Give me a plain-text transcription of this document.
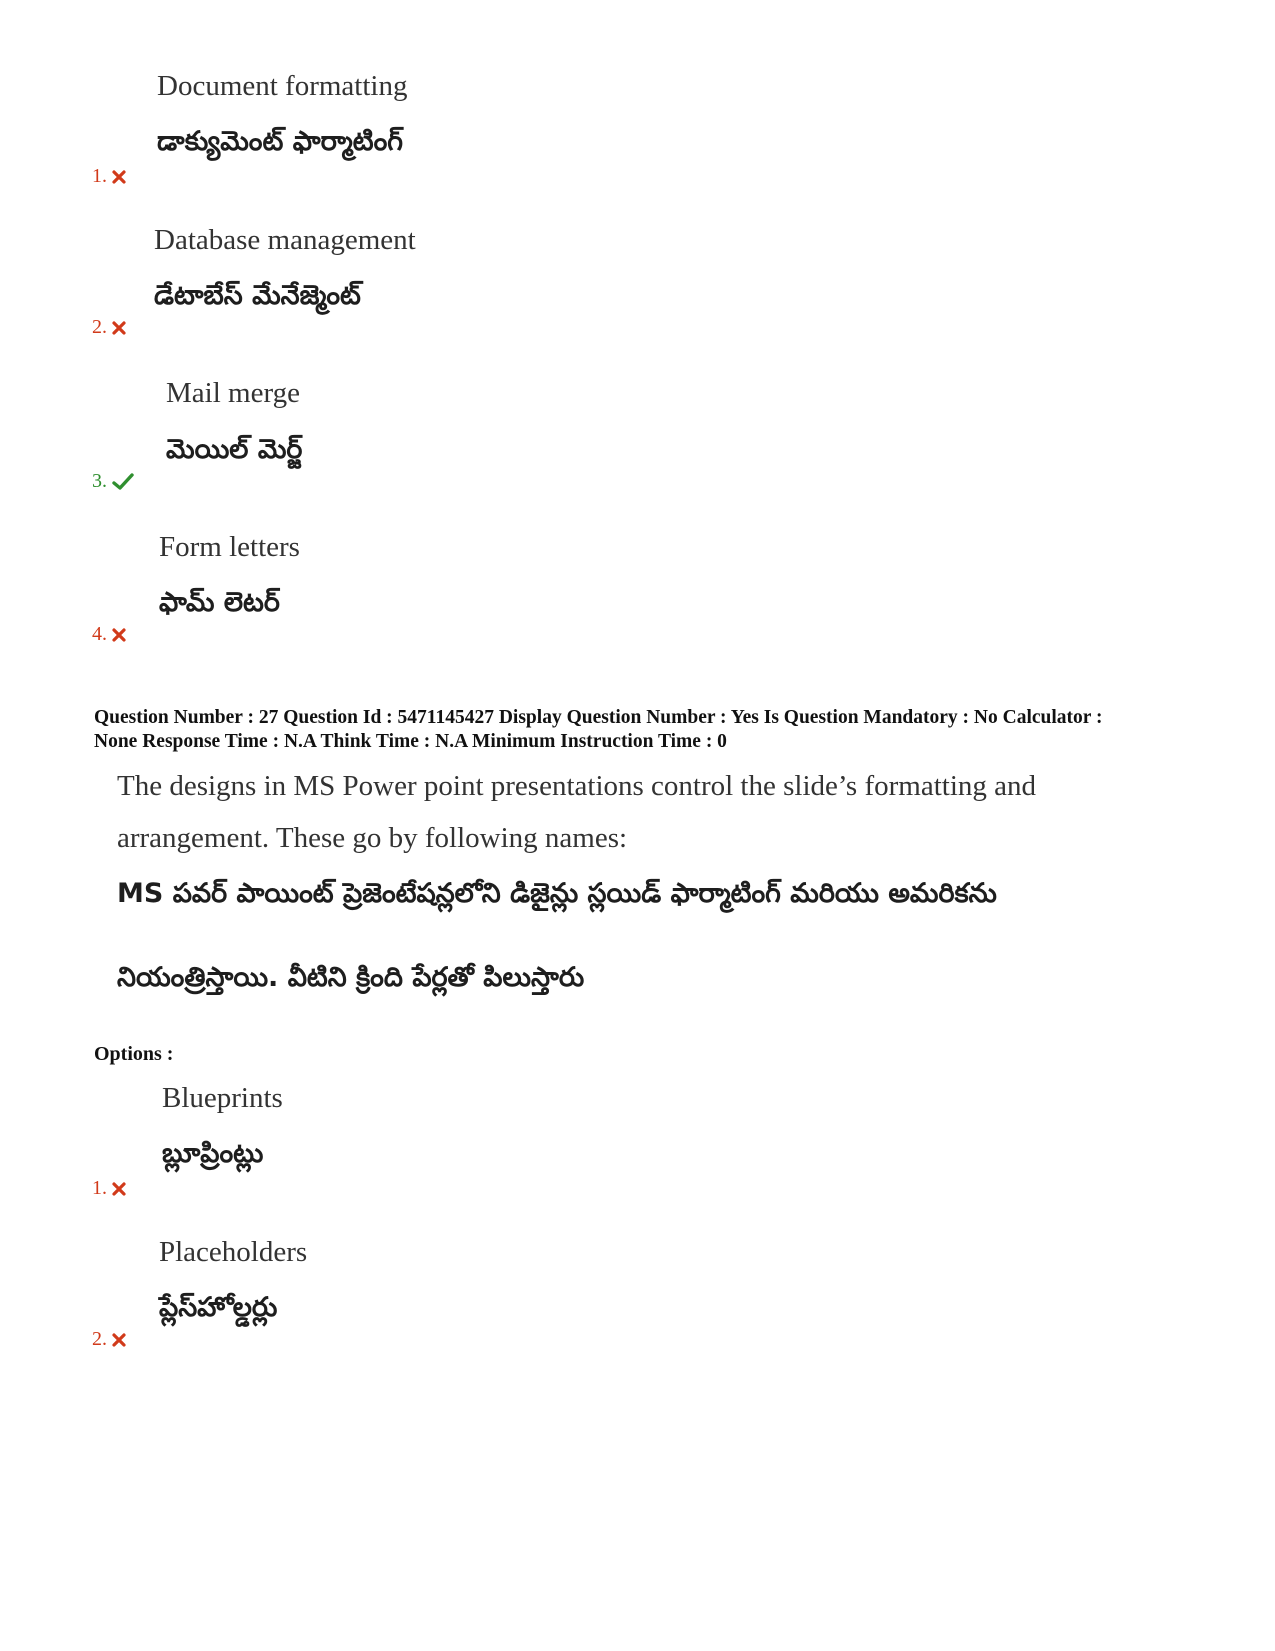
Document formatting
డాక్యుమెంట్ ఫార్మాటింగ్
1.
Database management
డేటాబేస్ మేనేజ్మెంట్
2.
Mail merge
మెయిల్ మెర్జ్
3.
Form letters
ఫామ్ లెటర్
4.
Question Number : 27 Question Id : 5471145427 Display Question Number : Yes Is Question Mandatory : No Calculator :
None Response Time : N.A Think Time : N.A Minimum Instruction Time : 0
The designs in MS Power point presentations control the slide’s formatting and
arrangement. These go by following names:
MS పవర్ పాయింట్ ప్రెజెంటేషన్లలోని డిజైన్లు స్లయిడ్ ఫార్మాటింగ్ మరియు అమరికను
నియంత్రిస్తాయి. వీటిని క్రింది పేర్లతో పిలుస్తారు
Options :
Blueprints
బ్లూప్రింట్లు
1.
Placeholders
ప్లేస్‌హోల్డర్లు
2.
